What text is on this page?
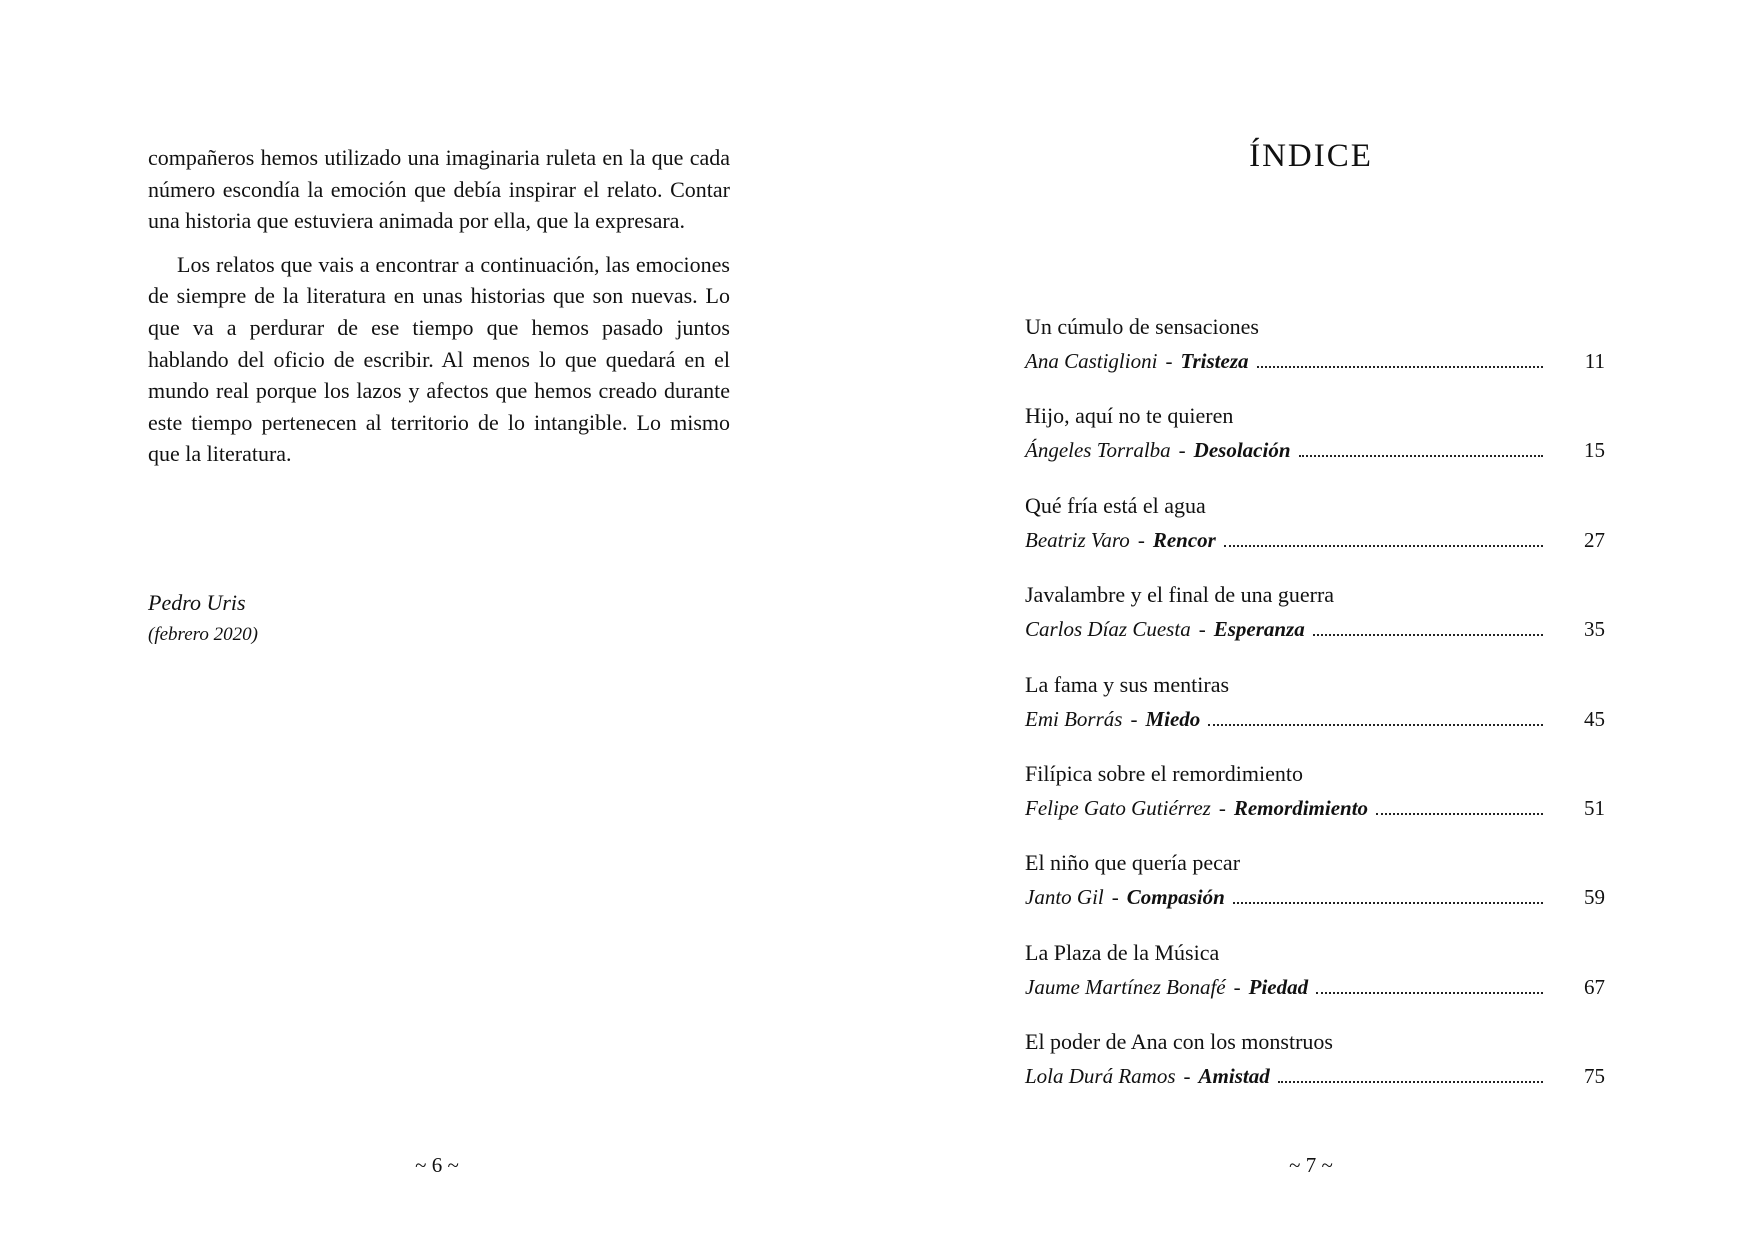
compañeros hemos utilizado una imaginaria ruleta en la que cada número escondía la emoción que debía inspirar el relato. Contar una historia que estuviera animada por ella, que la expresara.

Los relatos que vais a encontrar a continuación, las emociones de siempre de la literatura en unas historias que son nuevas. Lo que va a perdurar de ese tiempo que hemos pasado juntos hablando del oficio de escribir. Al menos lo que quedará en el mundo real porque los lazos y afectos que hemos creado durante este tiempo pertenecen al territorio de lo intangible. Lo mismo que la literatura.

Pedro Uris
(febrero 2020)
~ 6 ~
ÍNDICE
Un cúmulo de sensaciones
Ana Castiglioni - Tristeza	11
Hijo, aquí no te quieren
Ángeles Torralba - Desolación	15
Qué fría está el agua
Beatriz Varo - Rencor	27
Javalambre y el final de una guerra
Carlos Díaz Cuesta - Esperanza	35
La fama y sus mentiras
Emi Borrás - Miedo	45
Filípica sobre el remordimiento
Felipe Gato Gutiérrez - Remordimiento	51
El niño que quería pecar
Janto Gil - Compasión	59
La Plaza de la Música
Jaume Martínez Bonafé - Piedad	67
El poder de Ana con los monstruos
Lola Durá Ramos - Amistad	75
~ 7 ~
